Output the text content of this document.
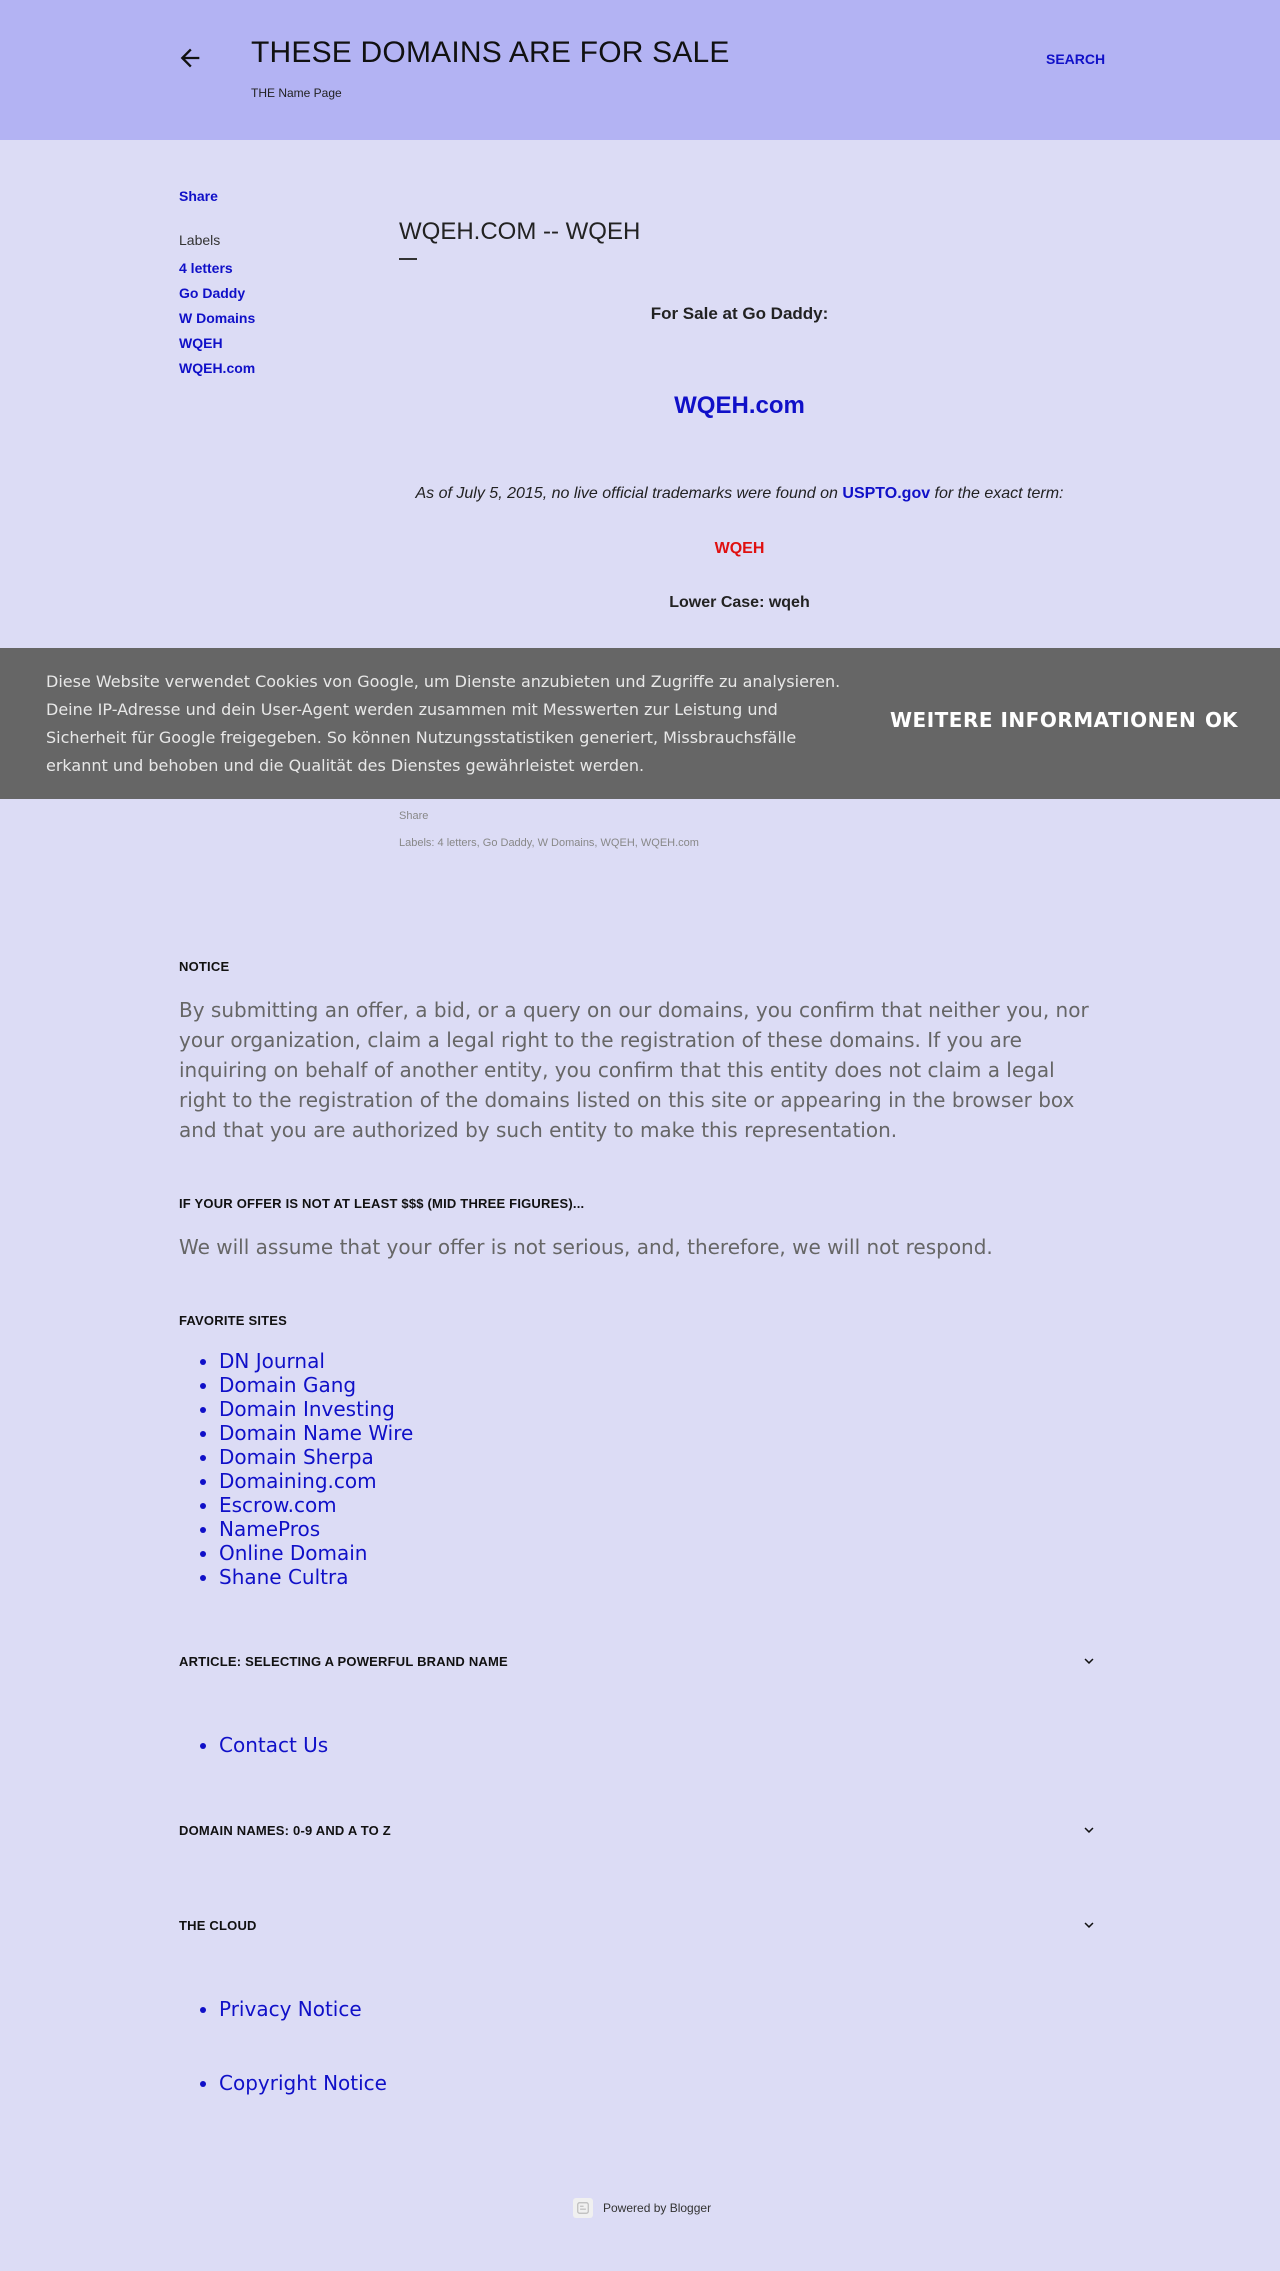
THESE DOMAINS ARE FOR SALE
THE Name Page
SEARCH
Share
Labels
4 letters
Go Daddy
W Domains
WQEH
WQEH.com
WQEH.COM -- WQEH
For Sale at Go Daddy:
WQEH.com
As of July 5, 2015, no live official trademarks were found on USPTO.gov for the exact term:
WQEH
Lower Case: wqeh
Share
Labels: 4 letters, Go Daddy, W Domains, WQEH, WQEH.com
Diese Website verwendet Cookies von Google, um Dienste anzubieten und Zugriffe zu analysieren. Deine IP-Adresse und dein User-Agent werden zusammen mit Messwerten zur Leistung und Sicherheit für Google freigegeben. So können Nutzungsstatistiken generiert, Missbrauchsfälle erkannt und behoben und die Qualität des Dienstes gewährleistet werden.
WEITERE INFORMATIONEN OK
NOTICE
By submitting an offer, a bid, or a query on our domains, you confirm that neither you, nor your organization, claim a legal right to the registration of these domains. If you are inquiring on behalf of another entity, you confirm that this entity does not claim a legal right to the registration of the domains listed on this site or appearing in the browser box and that you are authorized by such entity to make this representation.
IF YOUR OFFER IS NOT AT LEAST $$$ (MID THREE FIGURES)...
We will assume that your offer is not serious, and, therefore, we will not respond.
FAVORITE SITES
• DN Journal
• Domain Gang
• Domain Investing
• Domain Name Wire
• Domain Sherpa
• Domaining.com
• Escrow.com
• NamePros
• Online Domain
• Shane Cultra
ARTICLE: SELECTING A POWERFUL BRAND NAME
• Contact Us
DOMAIN NAMES: 0-9 AND A TO Z
THE CLOUD
• Privacy Notice
• Copyright Notice
Powered by Blogger
